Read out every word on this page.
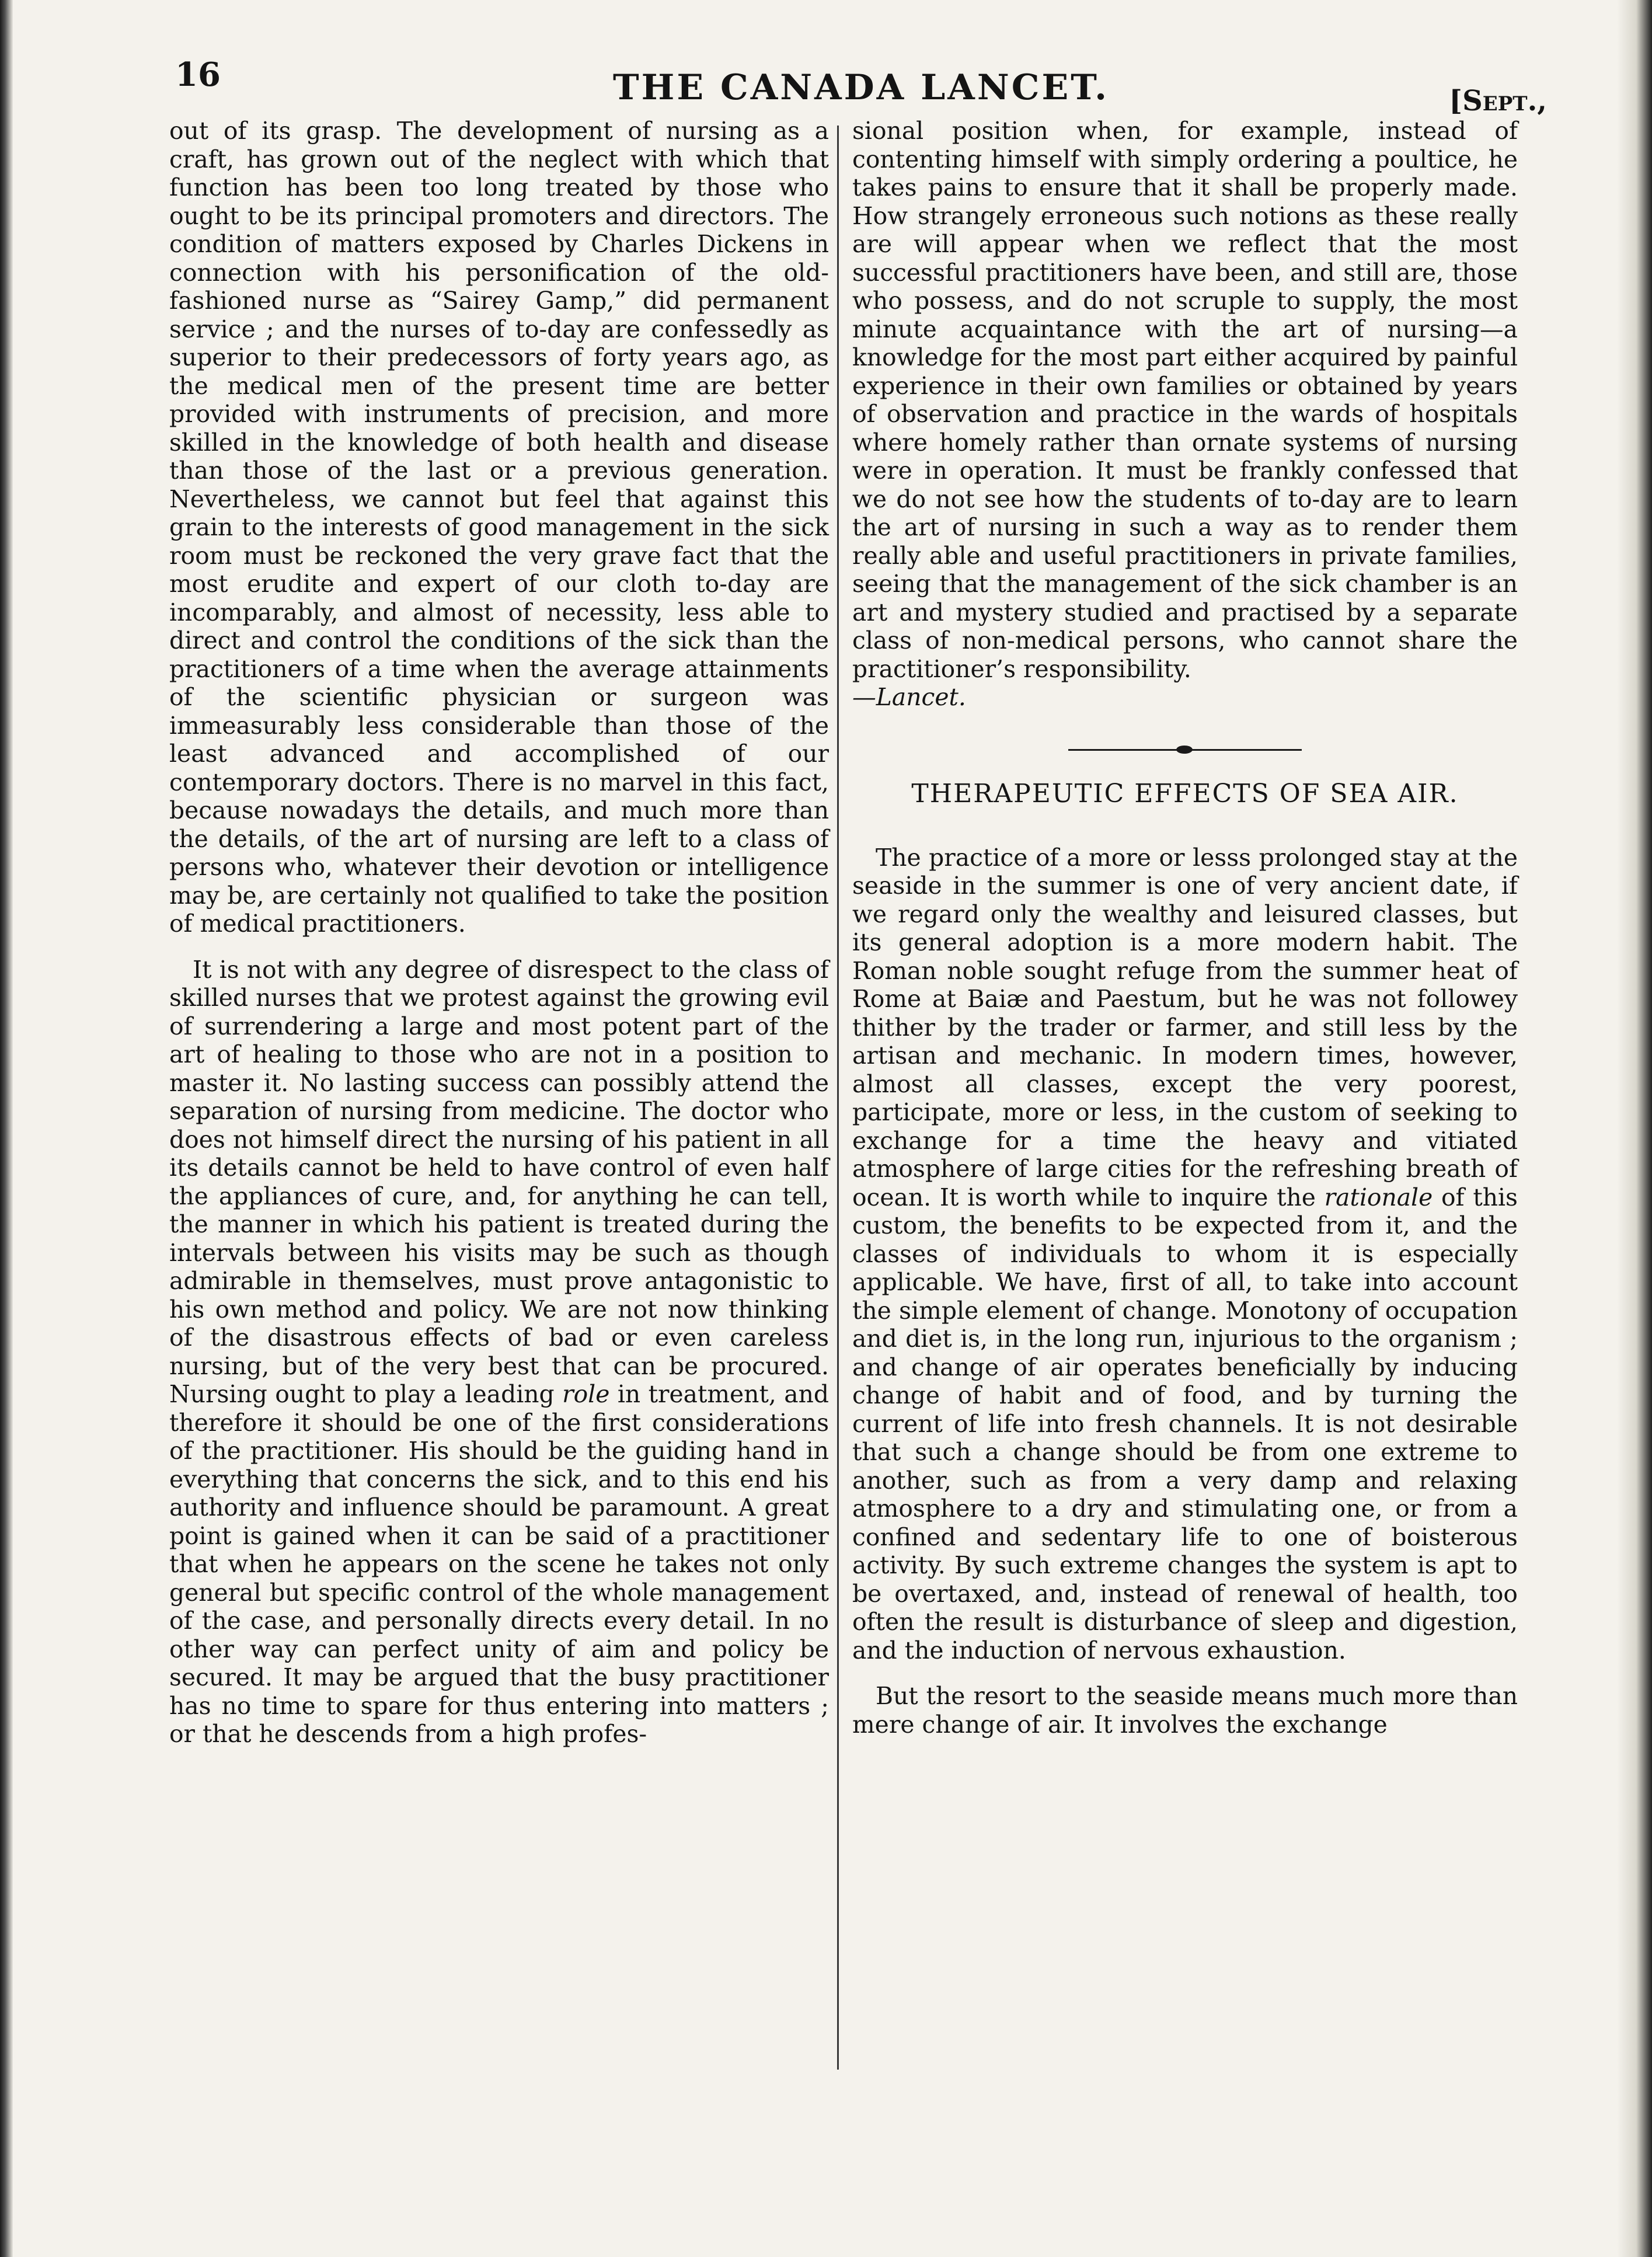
16	THE CANADA LANCET.	[Sept.,

out of its grasp. The development of nursing as a craft, has grown out of the neglect with which that function has been too long treated by those who ought to be its principal promoters and directors. The condition of matters exposed by Charles Dickens in connection with his personification of the old-fashioned nurse as “Sairey Gamp,” did permanent service ; and the nurses of to-day are confessedly as superior to their predecessors of forty years ago, as the medical men of the present time are better provided with instruments of precision, and more skilled in the knowledge of both health and disease than those of the last or a previous generation. Nevertheless, we cannot but feel that against this grain to the interests of good management in the sick room must be reckoned the very grave fact that the most erudite and expert of our cloth to-day are incomparably, and almost of necessity, less able to direct and control the conditions of the sick than the practitioners of a time when the average attainments of the scientific physician or surgeon was immeasurably less considerable than those of the least advanced and accomplished of our contemporary doctors. There is no marvel in this fact, because nowadays the details, and much more than the details, of the art of nursing are left to a class of persons who, whatever their devotion or intelligence may be, are certainly not qualified to take the position of medical practitioners.

It is not with any degree of disrespect to the class of skilled nurses that we protest against the growing evil of surrendering a large and most potent part of the art of healing to those who are not in a position to master it. No lasting success can possibly attend the separation of nursing from medicine. The doctor who does not himself direct the nursing of his patient in all its details cannot be held to have control of even half the appliances of cure, and, for anything he can tell, the manner in which his patient is treated during the intervals between his visits may be such as though admirable in themselves, must prove antagonistic to his own method and policy. We are not now thinking of the disastrous effects of bad or even careless nursing, but of the very best that can be procured. Nursing ought to play a leading role in treatment, and therefore it should be one of the first considerations of the practitioner. His should be the guiding hand in everything that concerns the sick, and to this end his authority and influence should be paramount. A great point is gained when it can be said of a practitioner that when he appears on the scene he takes not only general but specific control of the whole management of the case, and personally directs every detail. In no other way can perfect unity of aim and policy be secured. It may be argued that the busy practitioner has no time to spare for thus entering into matters ; or that he descends from a high profes-

sional position when, for example, instead of contenting himself with simply ordering a poultice, he takes pains to ensure that it shall be properly made. How strangely erroneous such notions as these really are will appear when we reflect that the most successful practitioners have been, and still are, those who possess, and do not scruple to supply, the most minute acquaintance with the art of nursing—a knowledge for the most part either acquired by painful experience in their own families or obtained by years of observation and practice in the wards of hospitals where homely rather than ornate systems of nursing were in operation. It must be frankly confessed that we do not see how the students of to-day are to learn the art of nursing in such a way as to render them really able and useful practitioners in private families, seeing that the management of the sick chamber is an art and mystery studied and practised by a separate class of non-medical persons, who cannot share the practitioner’s responsibility.

—Lancet.

THERAPEUTIC EFFECTS OF SEA AIR.

The practice of a more or lesss prolonged stay at the seaside in the summer is one of very ancient date, if we regard only the wealthy and leisured classes, but its general adoption is a more modern habit. The Roman noble sought refuge from the summer heat of Rome at Baiæ and Paestum, but he was not followey thither by the trader or farmer, and still less by the artisan and mechanic. In modern times, however, almost all classes, except the very poorest, participate, more or less, in the custom of seeking to exchange for a time the heavy and vitiated atmosphere of large cities for the refreshing breath of ocean. It is worth while to inquire the rationale of this custom, the benefits to be expected from it, and the classes of individuals to whom it is especially applicable. We have, first of all, to take into account the simple element of change. Monotony of occupation and diet is, in the long run, injurious to the organism ; and change of air operates beneficially by inducing change of habit and of food, and by turning the current of life into fresh channels. It is not desirable that such a change should be from one extreme to another, such as from a very damp and relaxing atmosphere to a dry and stimulating one, or from a confined and sedentary life to one of boisterous activity. By such extreme changes the system is apt to be overtaxed, and, instead of renewal of health, too often the result is disturbance of sleep and digestion, and the induction of nervous exhaustion.

But the resort to the seaside means much more than mere change of air. It involves the exchange
